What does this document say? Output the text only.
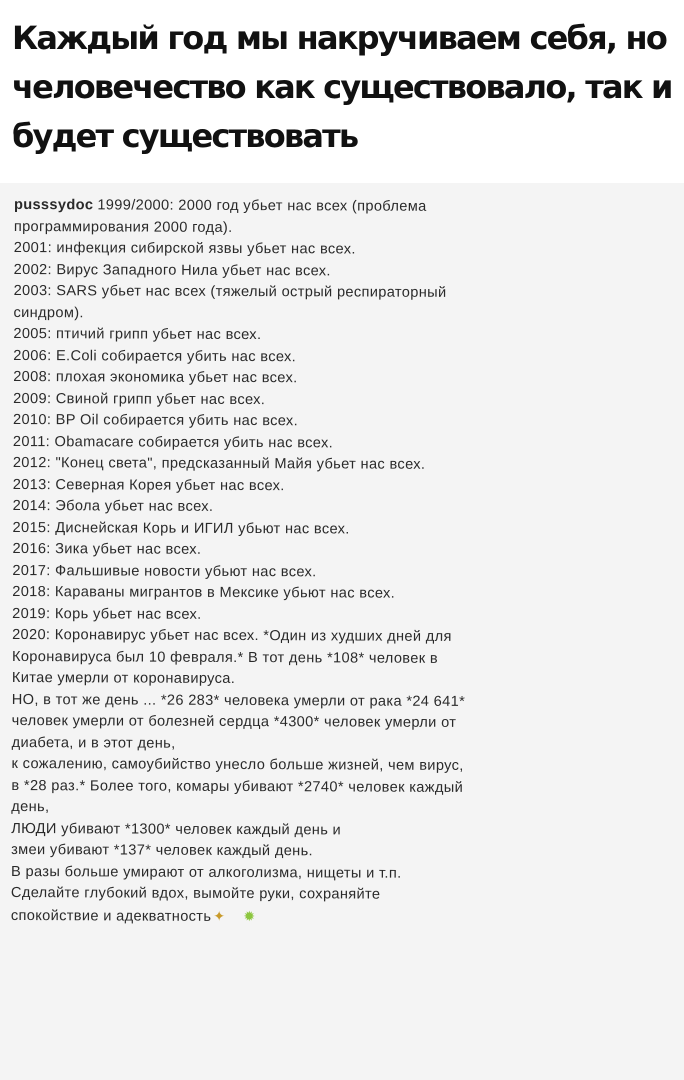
Каждый год мы накручиваем себя, но
человечество как существовало, так и
будет существовать
pusssydoc 1999/2000: 2000 год убьет нас всех (проблема
программирования 2000 года).
2001: инфекция сибирской язвы убьет нас всех.
2002: Вирус Западного Нила убьет нас всех.
2003: SARS убьет нас всех (тяжелый острый респираторный
синдром).
2005: птичий грипп убьет нас всех.
2006: E.Coli собирается убить нас всех.
2008: плохая экономика убьет нас всех.
2009: Свиной грипп убьет нас всех.
2010: BP Oil собирается убить нас всех.
2011: Obamacare собирается убить нас всех.
2012: "Конец света", предсказанный Майя убьет нас всех.
2013: Северная Корея убьет нас всех.
2014: Эбола убьет нас всех.
2015: Диснейская Корь и ИГИЛ убьют нас всех.
2016: Зика убьет нас всех.
2017: Фальшивые новости убьют нас всех.
2018: Караваны мигрантов в Мексике убьют нас всех.
2019: Корь убьет нас всех.
2020: Коронавирус убьет нас всех. *Один из худших дней для
Коронавируса был 10 февраля.* В тот день *108* человек в
Китае умерли от коронавируса.
НО, в тот же день ... *26 283* человека умерли от рака *24 641*
человек умерли от болезней сердца *4300* человек умерли от
диабета, и в этот день,
к сожалению, самоубийство унесло больше жизней, чем вирус,
в *28 раз.* Более того, комары убивают *2740* человек каждый
день,
ЛЮДИ убивают *1300* человек каждый день и
змеи убивают *137* человек каждый день.
В разы больше умирают от алкоголизма, нищеты и т.п.
Сделайте глубокий вдох, вымойте руки, сохраняйте
спокойствие и адекватность ✦ ✹
